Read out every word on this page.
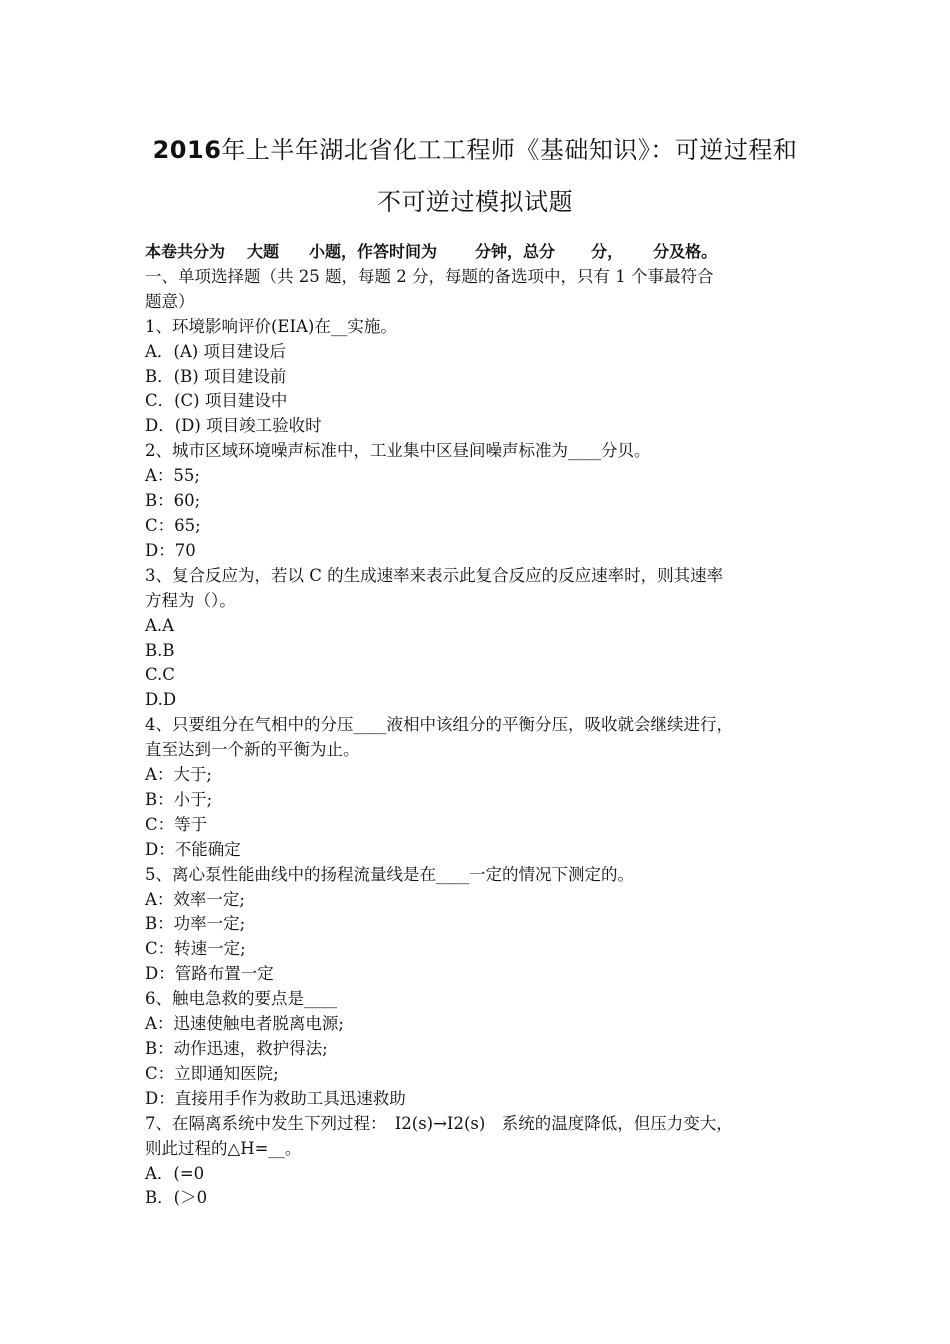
2016年上半年湖北省化工工程师《基础知识》：可逆过程和
不可逆过模拟试题

本卷共分为 大题 小题，作答时间为 分钟，总分 分， 分及格。

一、单项选择题（共 25 题，每题 2 分，每题的备选项中，只有 1 个事最符合

题意）

1、环境影响评价(EIA)在__实施。

A．(A) 项目建设后

B．(B) 项目建设前

C．(C) 项目建设中

D．(D) 项目竣工验收时

2、城市区域环境噪声标准中，工业集中区昼间噪声标准为____分贝。

A：55;

B：60;

C：65;

D：70

3、复合反应为，若以 C 的生成速率来表示此复合反应的反应速率时，则其速率

方程为（）。

A.A

B.B

C.C

D.D

4、只要组分在气相中的分压____液相中该组分的平衡分压，吸收就会继续进行，

直至达到一个新的平衡为止。

A：大于;

B：小于;

C：等于

D：不能确定

5、离心泵性能曲线中的扬程流量线是在____一定的情况下测定的。

A：效率一定;

B：功率一定;

C：转速一定;

D：管路布置一定

6、触电急救的要点是____

A：迅速使触电者脱离电源;

B：动作迅速，救护得法;

C：立即通知医院;

D：直接用手作为救助工具迅速救助

7、在隔离系统中发生下列过程：　I2(s)→I2(s)　系统的温度降低，但压力变大，

则此过程的△H=__。

A．(=0

B．(＞0
